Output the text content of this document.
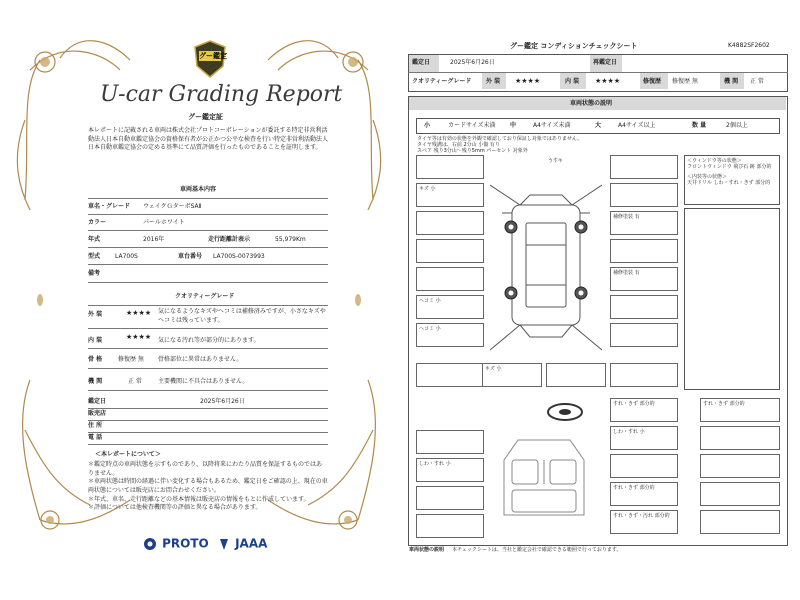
グー鑑定
U-car Grading Report
グー鑑定証
本レポートに記載される車両は株式会社プロトコーポレーションが委託する特定非営利活動法人日本自動車鑑定協会の資格保有者が公正かつ公平な検査を行い特定非営利活動法人日本自動車鑑定協会の定める基準にて品質評価を行ったものであることを証明します。
車両基本内容
車名・グレード ウェイクＧターボSAⅡ
カラー	パールホワイト
年式	2016年	走行距離計表示	55,979Km
型式 LA700S	車台番号 LA700S-0073993
備考
クオリティーグレード
外 装	★★★★ 気になるようなキズやヘコミは補修済みですが、小さなキズやヘコミは残っています。
内 装	★★★★ 気になる汚れ等が部分的にあります。
骨 格	修復歴 無 骨格部位に異常はありません。
機 関	正 常	主要機関に不具合はありません。
鑑定日	2025年6月26日
販売店
住 所
電 話
＜本レポートについて＞
＊鑑定時点の車両状態を示すものであり、以降将来にわたり品質を保証するものではありません。
＊車両状態は時間の経過に伴い変化する場合もあるため、鑑定日をご確認の上、現在の車両状態については販売店にお問合わせください。
＊年式、車名、走行距離などの基本情報は販売店の情報をもとに作成しています。
＊評価については他検査機関等の評価と異なる場合があります。
PROTO	JAAA
グー鑑定 コンディションチェックシート	K4882SF2602
鑑定日	2025年6月26日	再鑑定日
クオリティーグレード 外 装 ★★★★	内 装 ★★★★	修復歴 修復歴 無	機 関 正 常
車両状態の説明
小	カードサイズ未満 中	A4サイズ未満	大	A4サイズ以上	数 量	2個以上
タイヤ等は有効の状態を外観で確認しており保証し対象ではありません。
タイヤ残溝は、右前 2分山 小傷 有り
スペア 残り3分山～残り5mm パーセント 対象外
キズ 小
ヘコミ 小
ヘコミ 小
補修塗装 有
補修塗装 有
キズ 小
うすキ	＜ウィンドウ等の状態＞
フロントウィンドウ 飛び石 跡 部分的
＜内装等の状態＞
天井ドリル しわ・すれ・きず 部分的
しわ・すれ 小
すれ・きず 部分的
しわ・すれ 小
すれ・きず 部分的
すれ・きず・汚れ 部分的
すれ・きず 部分的
車両状態の説明 本チェックシートは、当社と鑑定会社で確認できる範囲で行っております。
